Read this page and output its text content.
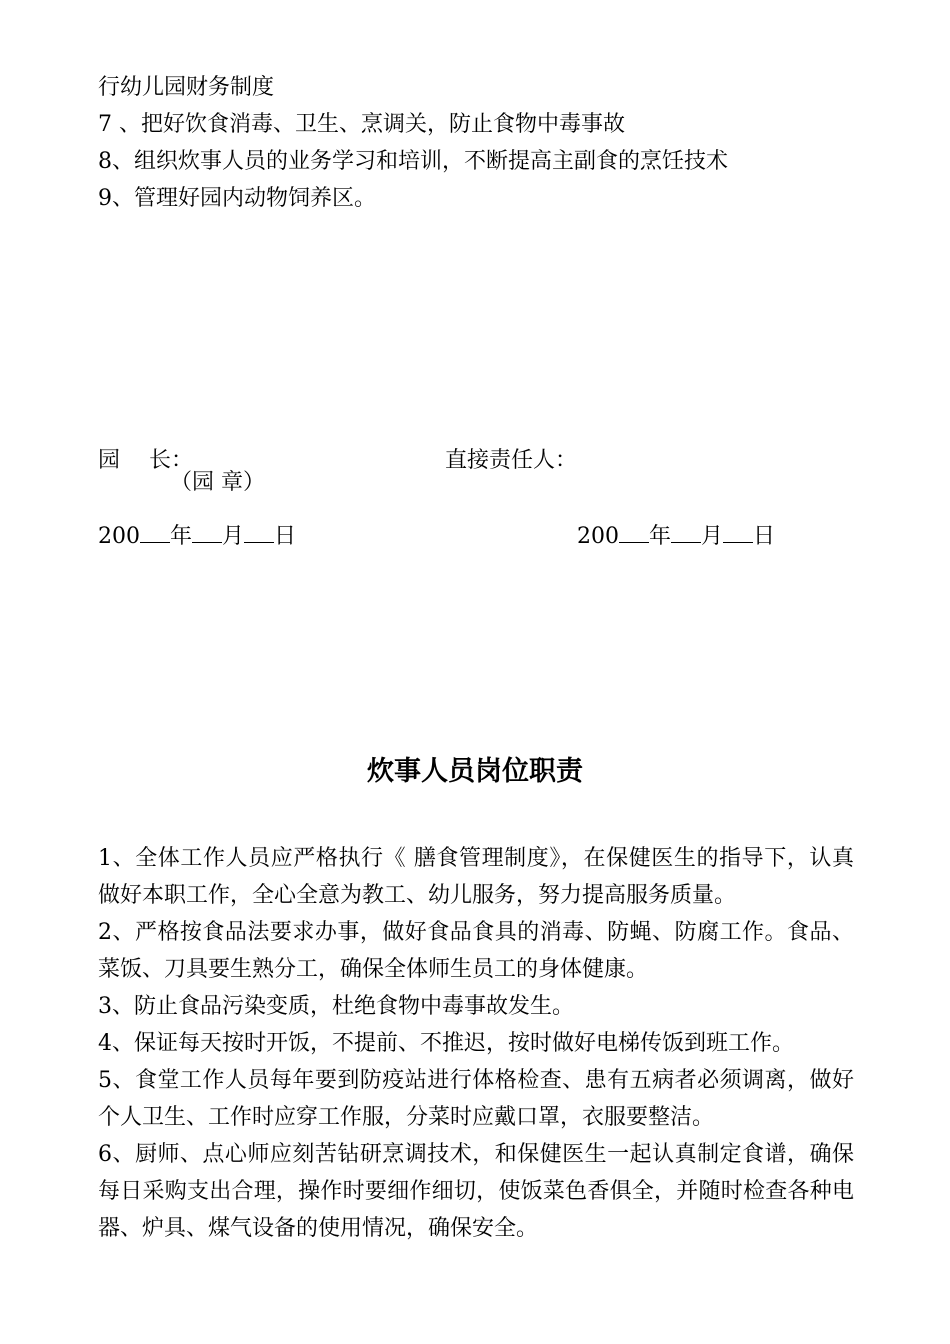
行幼儿园财务制度
7 、把好饮食消毒、卫生、烹调关，防止食物中毒事故
8、组织炊事人员的业务学习和培训，不断提高主副食的烹饪技术
9、管理好园内动物饲养区。
园　 长：	直接责任人：
（园 章）
200 年 月 日	200 年 月 日
炊事人员岗位职责
1、全体工作人员应严格执行《 膳食管理制度》，在保健医生的指导下，认真做好本职工作，全心全意为教工、幼儿服务，努力提高服务质量。
2、严格按食品法要求办事，做好食品食具的消毒、防蝇、防腐工作。食品、菜饭、刀具要生熟分工，确保全体师生员工的身体健康。
3、防止食品污染变质，杜绝食物中毒事故发生。
4、保证每天按时开饭，不提前、不推迟，按时做好电梯传饭到班工作。
5、食堂工作人员每年要到防疫站进行体格检查、患有五病者必须调离，做好个人卫生、工作时应穿工作服，分菜时应戴口罩，衣服要整洁。
6、厨师、点心师应刻苦钻研烹调技术，和保健医生一起认真制定食谱，确保每日采购支出合理，操作时要细作细切，使饭菜色香俱全，并随时检查各种电器、炉具、煤气设备的使用情况，确保安全。
